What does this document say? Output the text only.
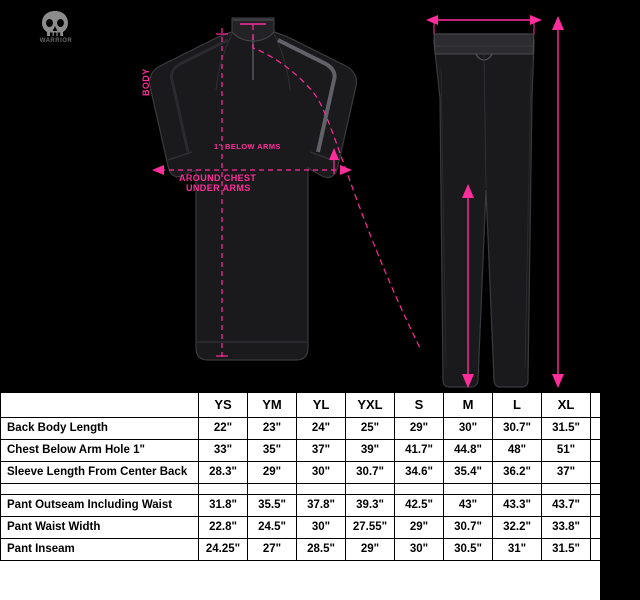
WARRIOR
BODY
1" BELOW ARMS
AROUND CHEST
UNDER ARMS
	YS	YM	YL	YXL	S	M	L	XL	2XL
Back Body Length	22"	23"	24"	25"	29"	30"	30.7"	31.5"	32.2"
Chest Below Arm Hole 1"	33"	35"	37"	39"	41.7"	44.8"	48"	51"	54.3"
Sleeve Length From Center Back	28.3"	29"	30"	30.7"	34.6"	35.4"	36.2"	37"	37.8"

Pant Outseam Including Waist	31.8"	35.5"	37.8"	39.3"	42.5"	43"	43.3"	43.7"	44"
Pant Waist Width	22.8"	24.5"	30"	27.55"	29"	30.7"	32.2"	33.8"	35.5"
Pant Inseam	24.25"	27"	28.5"	29"	30"	30.5"	31"	31.5"	32"
